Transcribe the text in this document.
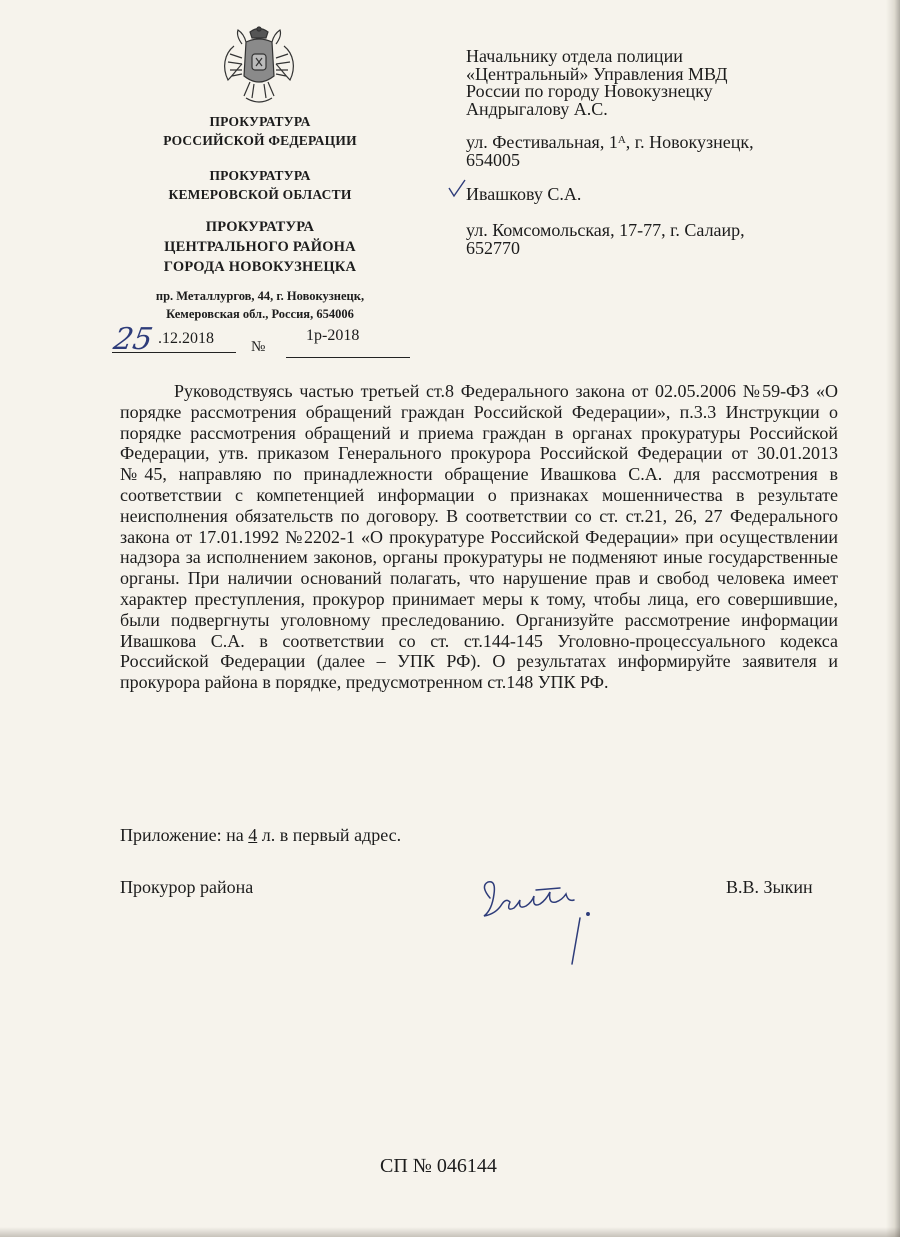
ПРОКУРАТУРА
РОССИЙСКОЙ ФЕДЕРАЦИИ
ПРОКУРАТУРА
КЕМЕРОВСКОЙ ОБЛАСТИ
ПРОКУРАТУРА
ЦЕНТРАЛЬНОГО РАЙОНА
ГОРОДА НОВОКУЗНЕЦКА
пр. Металлургов, 44, г. Новокузнецк,
Кемеровская обл., Россия, 654006
25 .12.2018 №
1р-2018
Начальнику отдела полиции
«Центральный» Управления МВД
России по городу Новокузнецку
Андрыгалову А.С.
ул. Фестивальная, $1^А$, г. Новокузнецк,
654005
Ивашкову С.А.
ул. Комсомольская, 17-77, г. Салаир,
652770
Руководствуясь частью третьей ст.8 Федерального закона от 02.05.2006 №59-ФЗ «О порядке рассмотрения обращений граждан Российской Федерации», п.3.3 Инструкции о порядке рассмотрения обращений и приема граждан в органах прокуратуры Российской Федерации, утв. приказом Генерального прокурора Российской Федерации от 30.01.2013 №45, направляю по принадлежности обращение Ивашкова С.А. для рассмотрения в соответствии с компетенцией информации о признаках мошенничества в результате неисполнения обязательств по договору. В соответствии со ст. ст.21, 26, 27 Федерального закона от 17.01.1992 №2202-1 «О прокуратуре Российской Федерации» при осуществлении надзора за исполнением законов, органы прокуратуры не подменяют иные государственные органы. При наличии оснований полагать, что нарушение прав и свобод человека имеет характер преступления, прокурор принимает меры к тому, чтобы лица, его совершившие, были подвергнуты уголовному преследованию. Организуйте рассмотрение информации Ивашкова С.А. в соответствии со ст. ст.144-145 Уголовно-процессуального кодекса Российской Федерации (далее – УПК РФ). О результатах информируйте заявителя и прокурора района в порядке, предусмотренном ст.148 УПК РФ.
Приложение: на 4 л. в первый адрес.
Прокурор района	В.В. Зыкин
СП № 046144
